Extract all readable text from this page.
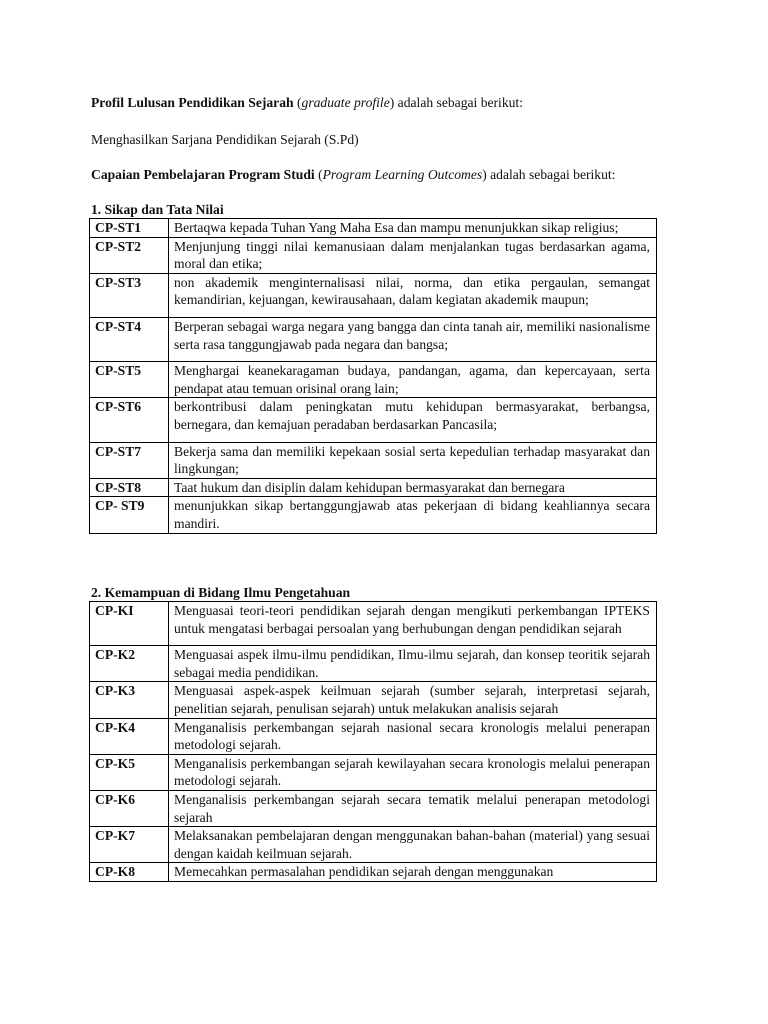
Profil Lulusan Pendidikan Sejarah (graduate profile) adalah sebagai berikut:
Menghasilkan Sarjana Pendidikan Sejarah (S.Pd)
Capaian Pembelajaran Program Studi (Program Learning Outcomes) adalah sebagai berikut:
1. Sikap dan Tata Nilai
CP-ST1	Bertaqwa kepada Tuhan Yang Maha Esa dan mampu menunjukkan sikap religius;
CP-ST2	Menjunjung tinggi nilai kemanusiaan dalam menjalankan tugas berdasarkan agama, moral dan etika;
CP-ST3	non akademik menginternalisasi nilai, norma, dan etika pergaulan, semangat kemandirian, kejuangan, kewirausahaan, dalam kegiatan akademik maupun;
CP-ST4	Berperan sebagai warga negara yang bangga dan cinta tanah air, memiliki nasionalisme serta rasa tanggungjawab pada negara dan bangsa;
CP-ST5	Menghargai keanekaragaman budaya, pandangan, agama, dan kepercayaan, serta pendapat atau temuan orisinal orang lain;
CP-ST6	berkontribusi dalam peningkatan mutu kehidupan bermasyarakat, berbangsa, bernegara, dan kemajuan peradaban berdasarkan Pancasila;
CP-ST7	Bekerja sama dan memiliki kepekaan sosial serta kepedulian terhadap masyarakat dan lingkungan;
CP-ST8	Taat hukum dan disiplin dalam kehidupan bermasyarakat dan bernegara
CP- ST9	menunjukkan sikap bertanggungjawab atas pekerjaan di bidang keahliannya secara mandiri.
2. Kemampuan di Bidang Ilmu Pengetahuan
CP-KI	Menguasai teori-teori pendidikan sejarah dengan mengikuti perkembangan IPTEKS untuk mengatasi berbagai persoalan yang berhubungan dengan pendidikan sejarah
CP-K2	Menguasai aspek ilmu-ilmu pendidikan, Ilmu-ilmu sejarah, dan konsep teoritik sejarah sebagai media pendidikan.
CP-K3	Menguasai aspek-aspek keilmuan sejarah (sumber sejarah, interpretasi sejarah, penelitian sejarah, penulisan sejarah) untuk melakukan analisis sejarah
CP-K4	Menganalisis perkembangan sejarah nasional secara kronologis melalui penerapan metodologi sejarah.
CP-K5	Menganalisis perkembangan sejarah kewilayahan secara kronologis melalui penerapan metodologi sejarah.
CP-K6	Menganalisis perkembangan sejarah secara tematik melalui penerapan metodologi sejarah
CP-K7	Melaksanakan pembelajaran dengan menggunakan bahan-bahan (material) yang sesuai dengan kaidah keilmuan sejarah.
CP-K8	Memecahkan permasalahan pendidikan sejarah dengan menggunakan
